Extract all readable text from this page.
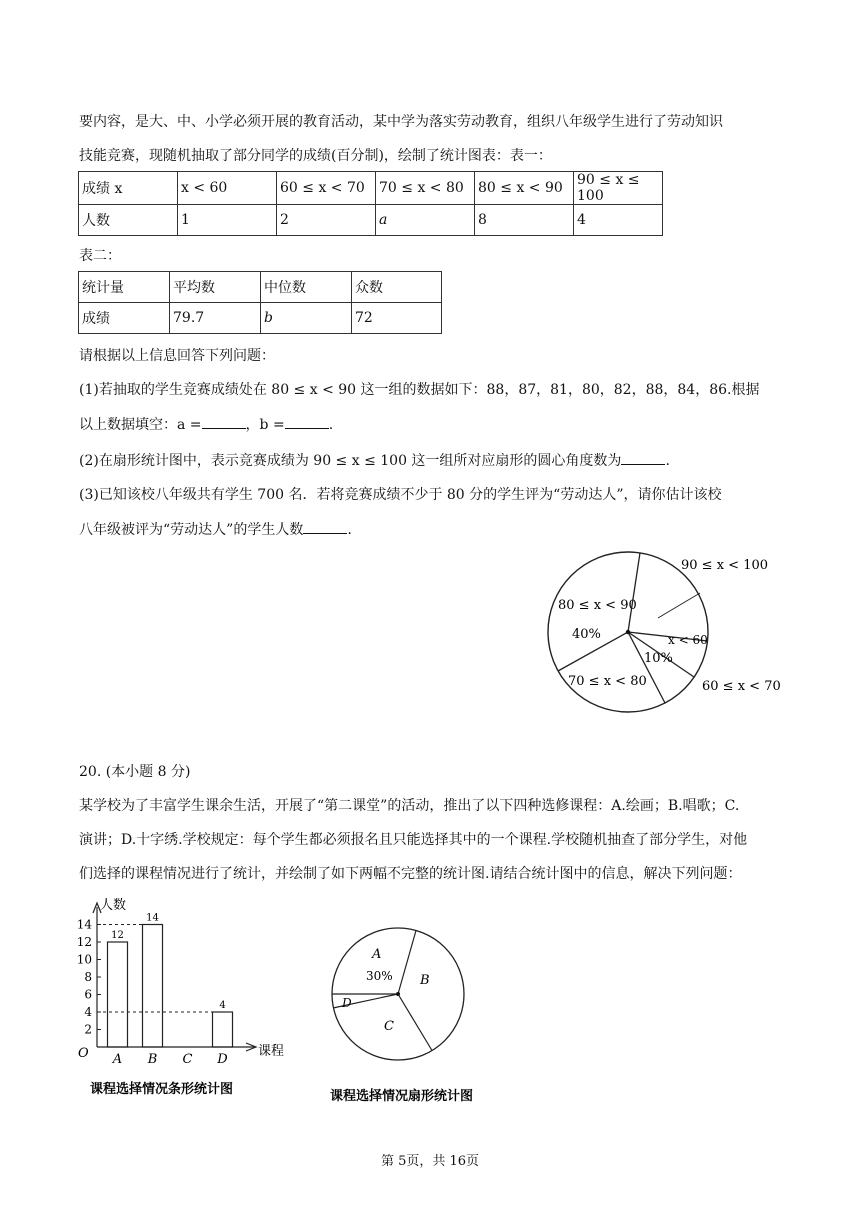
要内容，是大、中、小学必须开展的教育活动，某中学为落实劳动教育，组织八年级学生进行了劳动知识
技能竞赛，现随机抽取了部分同学的成绩(百分制)，绘制了统计图表：表一：
成绩 x	x < 60	60 ≤ x < 70	70 ≤ x < 80	80 ≤ x < 90	90 ≤ x ≤ 100
人数	1	2	a	8	4
表二：
统计量	平均数	中位数	众数
成绩	79.7	b	72
请根据以上信息回答下列问题：
(1)若抽取的学生竞赛成绩处在 80 ≤ x < 90 这一组的数据如下：88，87，81，80，82，88，84，86.根据
以上数据填空：a =	，b =	.
(2)在扇形统计图中，表示竞赛成绩为 90 ≤ x ≤ 100 这一组所对应扇形的圆心角度数为	.
(3)已知该校八年级共有学生 700 名．若将竞赛成绩不少于 80 分的学生评为“劳动达人”，请你估计该校
八年级被评为“劳动达人”的学生人数	.
90 ≤ x < 100
80 ≤ x < 90
40%	x < 60
10%
60 ≤ x < 70
70 ≤ x < 80
20. (本小题 8 分)
某学校为了丰富学生课余生活，开展了“第二课堂”的活动，推出了以下四种选修课程：A.绘画；B.唱歌；C.
演讲；D.十字绣.学校规定：每个学生都必须报名且只能选择其中的一个课程.学校随机抽查了部分学生，对他
们选择的课程情况进行了统计，并绘制了如下两幅不完整的统计图.请结合统计图中的信息，解决下列问题：
人数
课程
O
2
4
6
8
10
12
14
12
A
14
B C
4
D
课程选择情况条形统计图
A
30% B
C
D
课程选择情况扇形统计图
第 5页，共 16页
